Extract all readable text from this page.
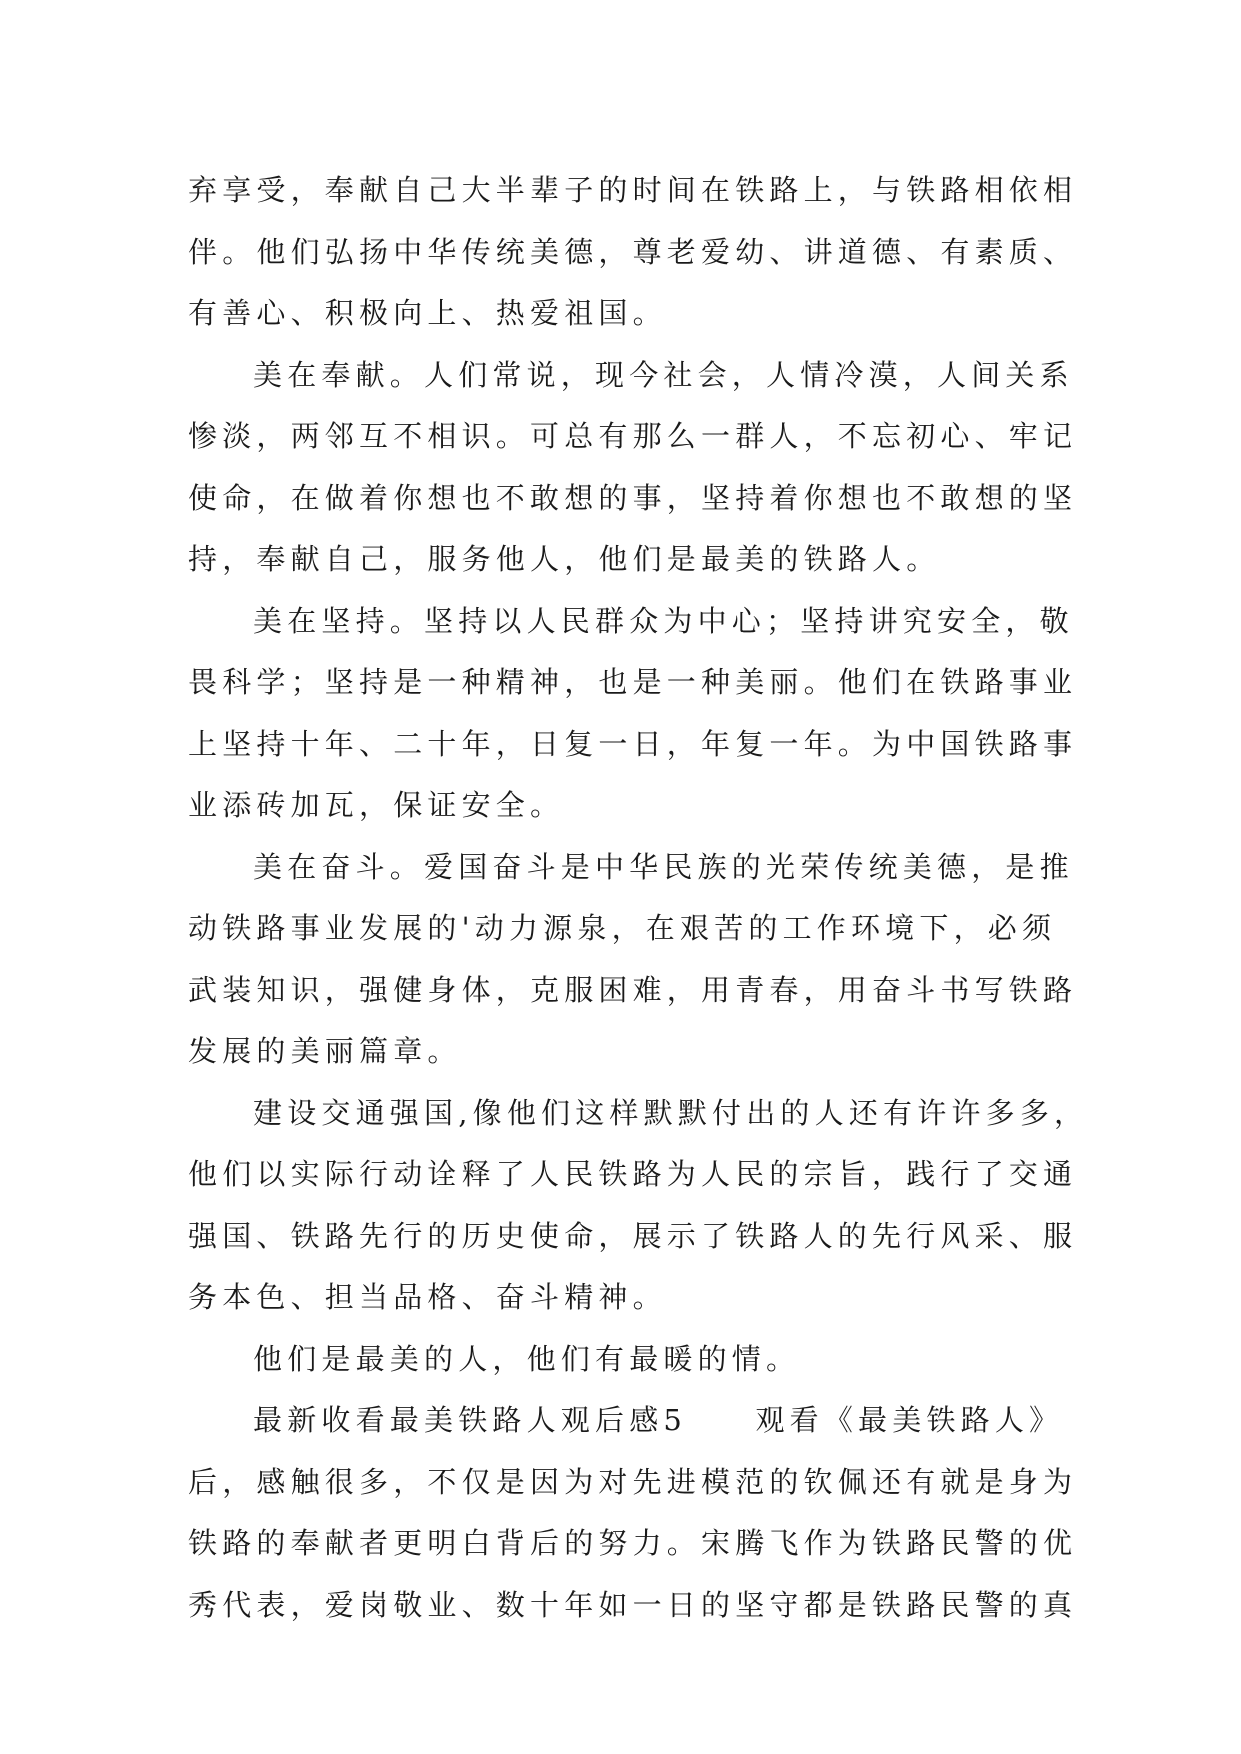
弃享受，奉献自己大半辈子的时间在铁路上，与铁路相依相
伴。他们弘扬中华传统美德，尊老爱幼、讲道德、有素质、
有善心、积极向上、热爱祖国。
美在奉献。人们常说，现今社会，人情冷漠，人间关系
惨淡，两邻互不相识。可总有那么一群人，不忘初心、牢记
使命，在做着你想也不敢想的事，坚持着你想也不敢想的坚
持，奉献自己，服务他人，他们是最美的铁路人。
美在坚持。坚持以人民群众为中心；坚持讲究安全，敬
畏科学；坚持是一种精神，也是一种美丽。他们在铁路事业
上坚持十年、二十年，日复一日，年复一年。为中国铁路事
业添砖加瓦，保证安全。
美在奋斗。爱国奋斗是中华民族的光荣传统美德，是推
动铁路事业发展的'动力源泉，在艰苦的工作环境下，必须
武装知识，强健身体，克服困难，用青春，用奋斗书写铁路
发展的美丽篇章。
建设交通强国,像他们这样默默付出的人还有许许多多，
他们以实际行动诠释了人民铁路为人民的宗旨，践行了交通
强国、铁路先行的历史使命，展示了铁路人的先行风采、服
务本色、担当品格、奋斗精神。
他们是最美的人，他们有最暖的情。
最新收看最美铁路人观后感5　　观看《最美铁路人》
后，感触很多，不仅是因为对先进模范的钦佩还有就是身为
铁路的奉献者更明白背后的努力。宋腾飞作为铁路民警的优
秀代表，爱岗敬业、数十年如一日的坚守都是铁路民警的真
